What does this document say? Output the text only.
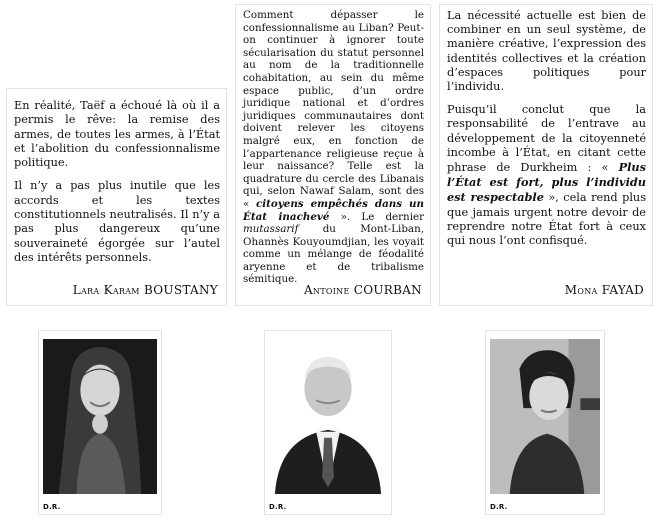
En réalité, Taëf a échoué là où il a permis le rêve: la remise des armes, de toutes les armes, à l’État et l’abolition du confessionnalisme politique.

Il n’y a pas plus inutile que les accords et les textes constitutionnels neutralisés. Il n’y a pas plus dangereux qu’une souveraineté égorgée sur l’autel des intérêts personnels.

Lara Karam BOUSTANY

Comment dépasser le confessionnalisme au Liban? Peut-on continuer à ignorer toute sécularisation du statut personnel au nom de la traditionnelle cohabitation, au sein du même espace public, d’un ordre juridique national et d’ordres juridiques communautaires dont doivent relever les citoyens malgré eux, en fonction de l’appartenance religieuse reçue à leur naissance? Telle est la quadrature du cercle des Libanais qui, selon Nawaf Salam, sont des « citoyens empêchés dans un État inachevé ». Le dernier mutassarif du Mont-Liban, Ohannès Kouyoumdjian, les voyait comme un mélange de féodalité aryenne et de tribalisme sémitique.

Antoine COURBAN

La nécessité actuelle est bien de combiner en un seul système, de manière créative, l’expression des identités collectives et la création d’espaces politiques pour l’individu.

Puisqu’il conclut que la responsabilité de l’entrave au développement de la citoyenneté incombe à l’État, en citant cette phrase de Durkheim : « Plus l’État est fort, plus l’individu est respectable », cela rend plus que jamais urgent notre devoir de reprendre notre État fort à ceux qui nous l’ont confisqué.

Mona FAYAD
D.R.	D.R.	D.R.
